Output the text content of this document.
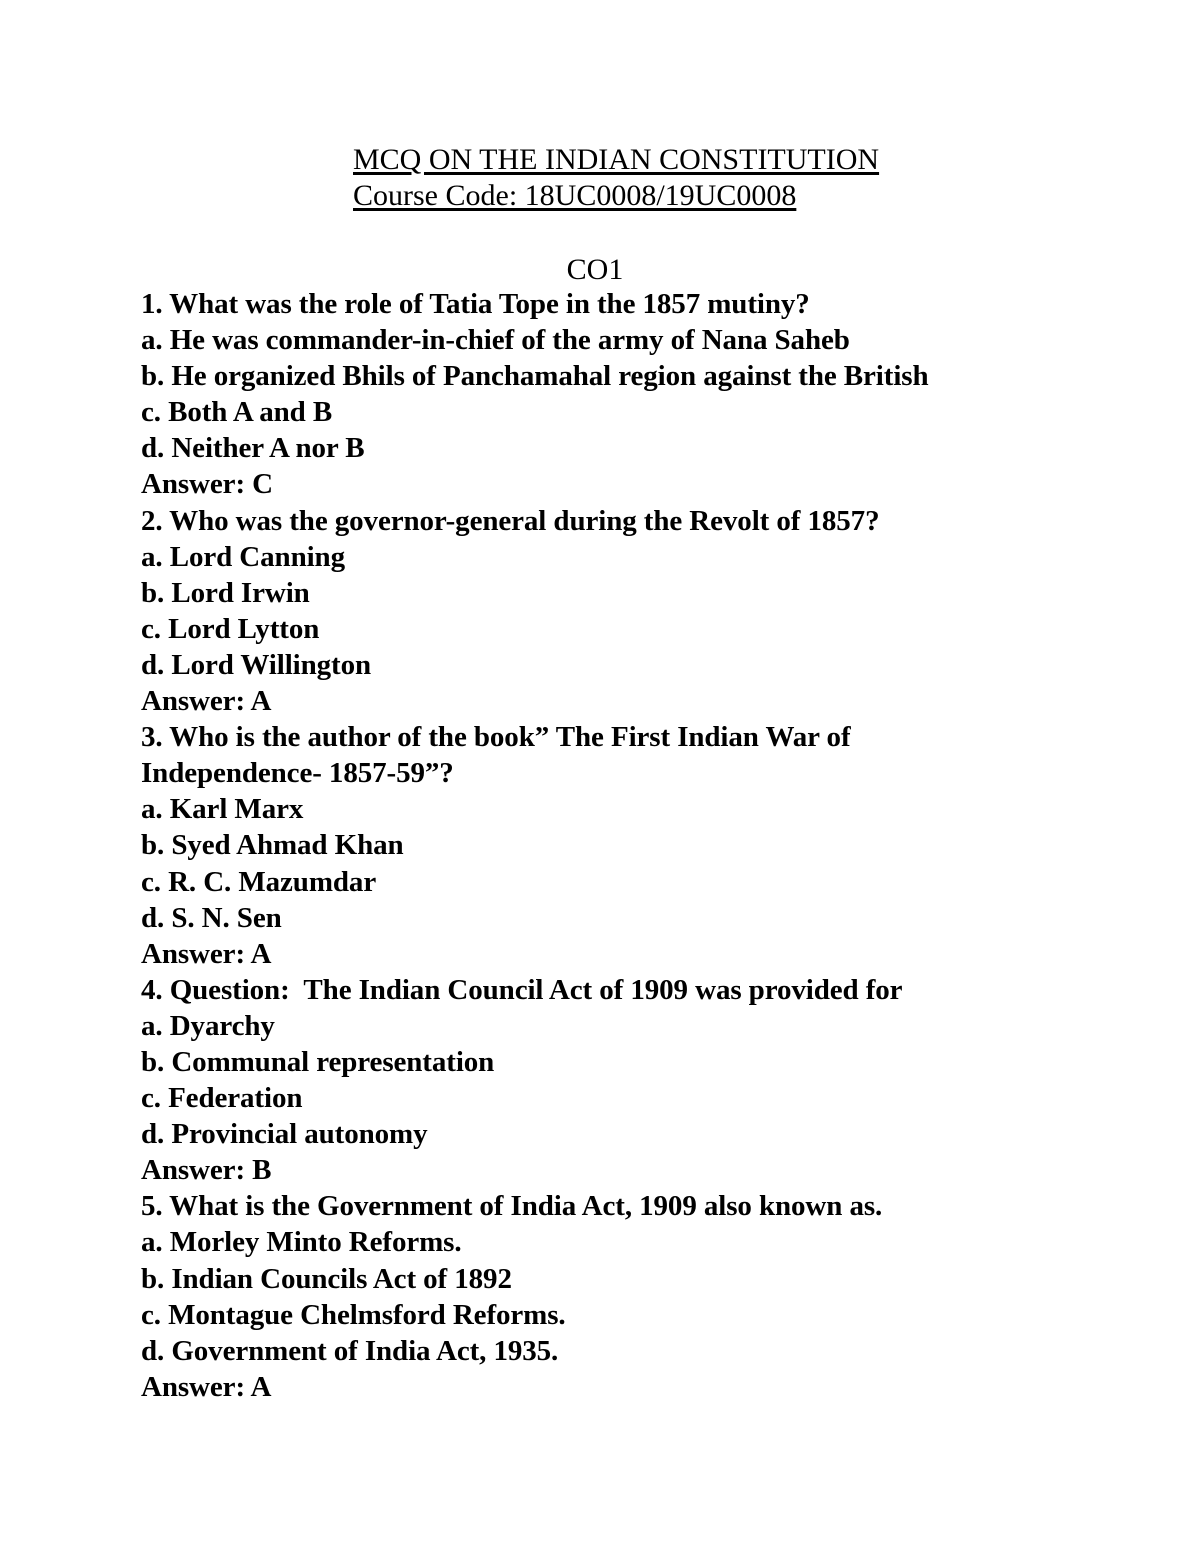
MCQ ON THE INDIAN CONSTITUTION
Course Code: 18UC0008/19UC0008
CO1
1. What was the role of Tatia Tope in the 1857 mutiny?
a. He was commander-in-chief of the army of Nana Saheb
b. He organized Bhils of Panchamahal region against the British
c. Both A and B
d. Neither A nor B
Answer: C
2. Who was the governor-general during the Revolt of 1857?
a. Lord Canning
b. Lord Irwin
c. Lord Lytton
d. Lord Willington
Answer: A
3. Who is the author of the book” The First Indian War of
Independence- 1857-59”?
a. Karl Marx
b. Syed Ahmad Khan
c. R. C. Mazumdar
d. S. N. Sen
Answer: A
4. Question:  The Indian Council Act of 1909 was provided for
a. Dyarchy
b. Communal representation
c. Federation
d. Provincial autonomy
Answer: B
5. What is the Government of India Act, 1909 also known as.
a. Morley Minto Reforms.
b. Indian Councils Act of 1892
c. Montague Chelmsford Reforms.
d. Government of India Act, 1935.
Answer: A
